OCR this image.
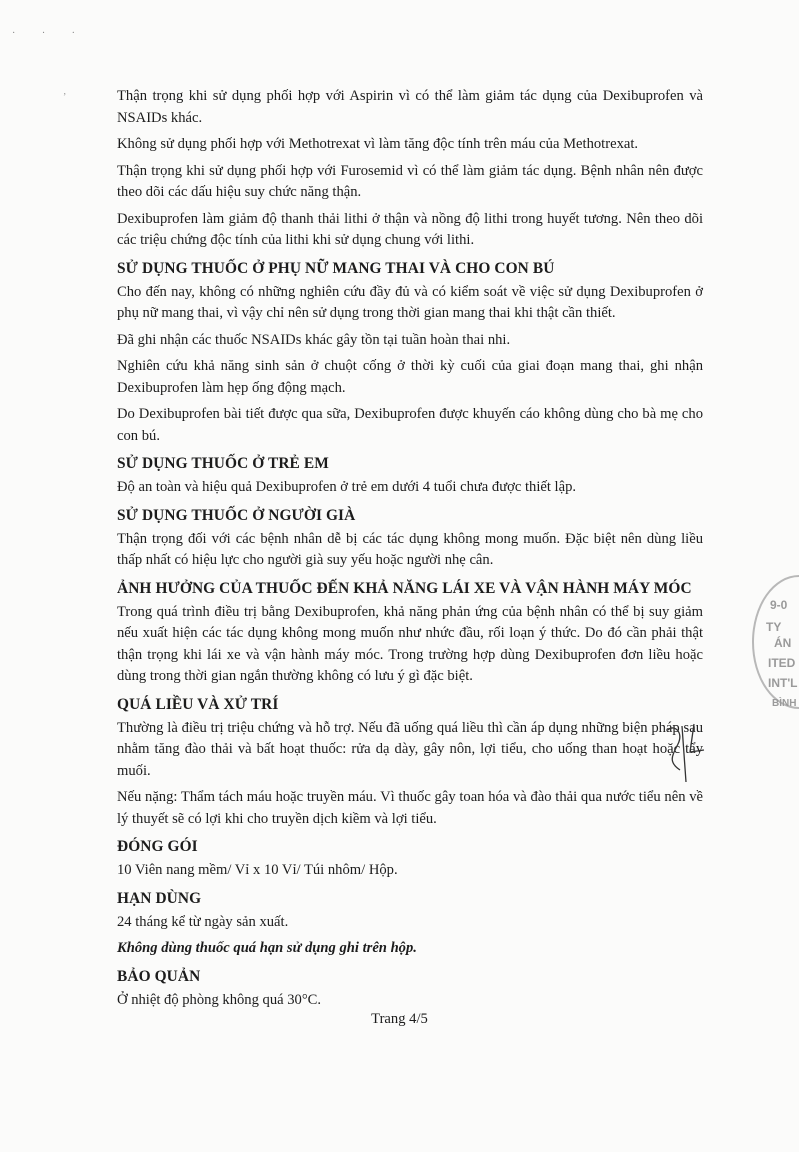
· · ·
‚	Thận trọng khi sử dụng phối hợp với Aspirin vì có thể làm giảm tác dụng của Dexibuprofen và NSAIDs khác.

Không sử dụng phối hợp với Methotrexat vì làm tăng độc tính trên máu của Methotrexat.

Thận trọng khi sử dụng phối hợp với Furosemid vì có thể làm giảm tác dụng. Bệnh nhân nên được theo dõi các dấu hiệu suy chức năng thận.

Dexibuprofen làm giảm độ thanh thải lithi ở thận và nồng độ lithi trong huyết tương. Nên theo dõi các triệu chứng độc tính của lithi khi sử dụng chung với lithi.

SỬ DỤNG THUỐC Ở PHỤ NỮ MANG THAI VÀ CHO CON BÚ

Cho đến nay, không có những nghiên cứu đầy đủ và có kiểm soát về việc sử dụng Dexibuprofen ở phụ nữ mang thai, vì vậy chỉ nên sử dụng trong thời gian mang thai khi thật cần thiết.

Đã ghi nhận các thuốc NSAIDs khác gây tồn tại tuần hoàn thai nhi.

Nghiên cứu khả năng sinh sản ở chuột cống ở thời kỳ cuối của giai đoạn mang thai, ghi nhận Dexibuprofen làm hẹp ống động mạch.

Do Dexibuprofen bài tiết được qua sữa, Dexibuprofen được khuyến cáo không dùng cho bà mẹ cho con bú.

SỬ DỤNG THUỐC Ở TRẺ EM

Độ an toàn và hiệu quả Dexibuprofen ở trẻ em dưới 4 tuổi chưa được thiết lập.

SỬ DỤNG THUỐC Ở NGƯỜI GIÀ

Thận trọng đối với các bệnh nhân dễ bị các tác dụng không mong muốn. Đặc biệt nên dùng liều thấp nhất có hiệu lực cho người già suy yếu hoặc người nhẹ cân.

ẢNH HƯỞNG CỦA THUỐC ĐẾN KHẢ NĂNG LÁI XE VÀ VẬN HÀNH MÁY MÓC

Trong quá trình điều trị bằng Dexibuprofen, khả năng phản ứng của bệnh nhân có thể bị suy giảm nếu xuất hiện các tác dụng không mong muốn như nhức đầu, rối loạn ý thức. Do đó cần phải thật thận trọng khi lái xe và vận hành máy móc. Trong trường hợp dùng Dexibuprofen đơn liều hoặc dùng trong thời gian ngắn thường không có lưu ý gì đặc biệt.

QUÁ LIỀU VÀ XỬ TRÍ

Thường là điều trị triệu chứng và hỗ trợ. Nếu đã uống quá liều thì cần áp dụng những biện pháp sau nhằm tăng đào thải và bất hoạt thuốc: rửa dạ dày, gây nôn, lợi tiểu, cho uống than hoạt hoặc tẩy muối.

Nếu nặng: Thẩm tách máu hoặc truyền máu. Vì thuốc gây toan hóa và đào thải qua nước tiểu nên về lý thuyết sẽ có lợi khi cho truyền dịch kiềm và lợi tiểu.

ĐÓNG GÓI

10 Viên nang mềm/ Vỉ x 10 Vỉ/ Túi nhôm/ Hộp.

HẠN DÙNG

24 tháng kể từ ngày sản xuất.

Không dùng thuốc quá hạn sử dụng ghi trên hộp.

BẢO QUẢN

Ở nhiệt độ phòng không quá 30°C.

Trang 4/5
9-0
TY
ÁN
ITED
INT'L
BÌNH
